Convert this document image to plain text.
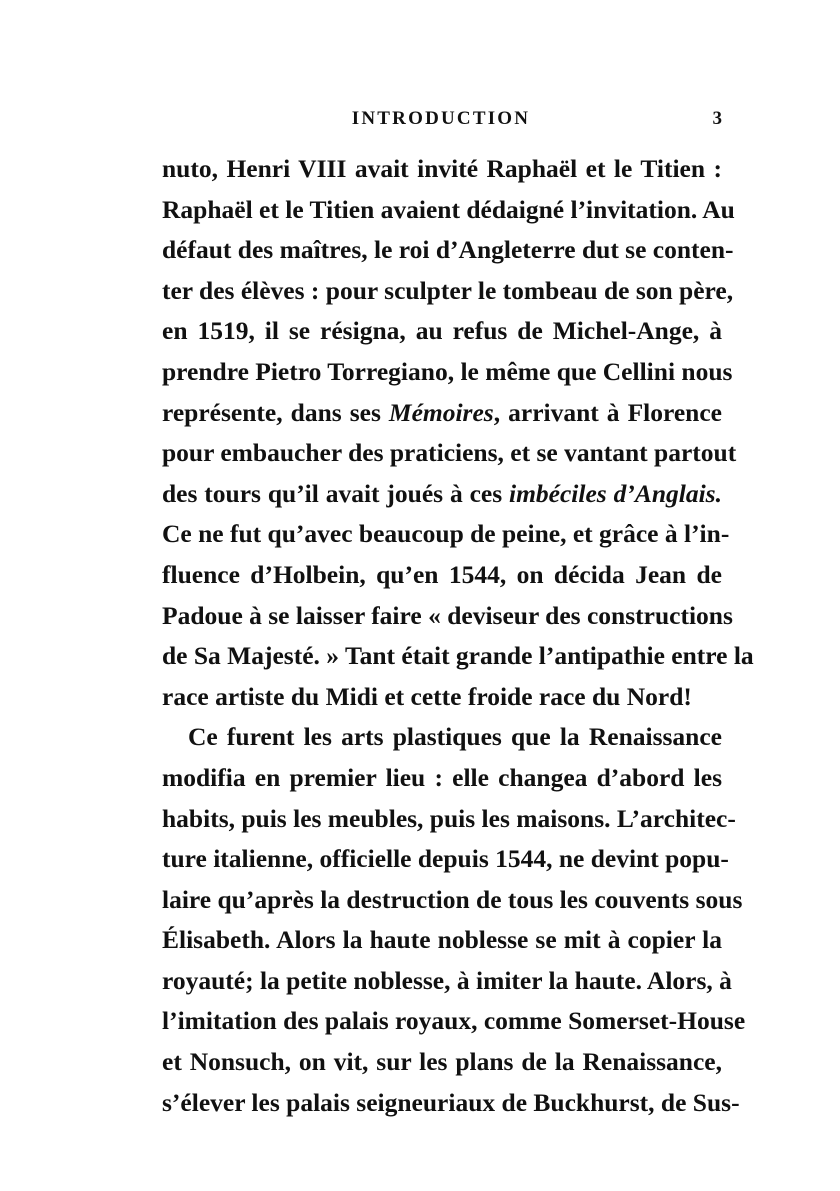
INTRODUCTION	3
nuto, Henri VIII avait invité Raphaël et le Titien :
Raphaël et le Titien avaient dédaigné l’invitation. Au
défaut des maîtres, le roi d’Angleterre dut se conten-
ter des élèves : pour sculpter le tombeau de son père,
en 1519, il se résigna, au refus de Michel-Ange, à
prendre Pietro Torregiano, le même que Cellini nous
représente, dans ses Mémoires, arrivant à Florence
pour embaucher des praticiens, et se vantant partout
des tours qu’il avait joués à ces imbéciles d’Anglais.
Ce ne fut qu’avec beaucoup de peine, et grâce à l’in-
fluence d’Holbein, qu’en 1544, on décida Jean de
Padoue à se laisser faire « deviseur des constructions
de Sa Majesté. » Tant était grande l’antipathie entre la
race artiste du Midi et cette froide race du Nord!
Ce furent les arts plastiques que la Renaissance
modifia en premier lieu : elle changea d’abord les
habits, puis les meubles, puis les maisons. L’architec-
ture italienne, officielle depuis 1544, ne devint popu-
laire qu’après la destruction de tous les couvents sous
Élisabeth. Alors la haute noblesse se mit à copier la
royauté; la petite noblesse, à imiter la haute. Alors, à
l’imitation des palais royaux, comme Somerset-House
et Nonsuch, on vit, sur les plans de la Renaissance,
s’élever les palais seigneuriaux de Buckhurst, de Sus-
